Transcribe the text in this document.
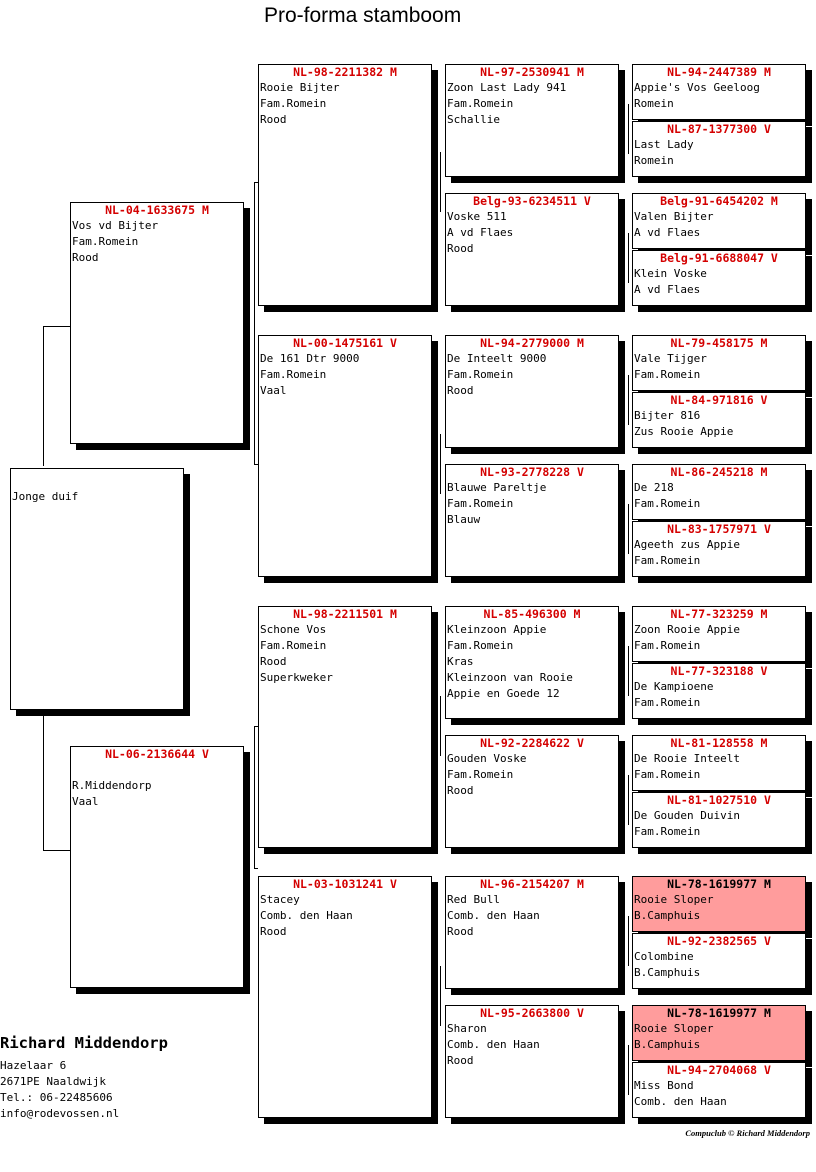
Pro-forma stamboom
Jonge duif
NL-04-1633675 M
Vos vd Bijter
Fam.Romein
Rood
NL-06-2136644 V
R.Middendorp
Vaal
NL-98-2211382 M
Rooie Bijter
Fam.Romein
Rood
NL-00-1475161 V
De 161 Dtr 9000
Fam.Romein
Vaal
NL-98-2211501 M
Schone Vos
Fam.Romein
Rood
Superkweker
NL-03-1031241 V
Stacey
Comb. den Haan
Rood
NL-97-2530941 M
Zoon Last Lady 941
Fam.Romein
Schallie
Belg-93-6234511 V
Voske 511
A vd Flaes
Rood
NL-94-2779000 M
De Inteelt 9000
Fam.Romein
Rood
NL-93-2778228 V
Blauwe Pareltje
Fam.Romein
Blauw
NL-85-496300 M
Kleinzoon Appie
Fam.Romein
Kras
Kleinzoon van Rooie
Appie en Goede 12
NL-92-2284622 V
Gouden Voske
Fam.Romein
Rood
NL-96-2154207 M
Red Bull
Comb. den Haan
Rood
NL-95-2663800 V
Sharon
Comb. den Haan
Rood
NL-94-2447389 M
Appie's Vos Geeloog
Romein
NL-87-1377300 V
Last Lady
Romein
Belg-91-6454202 M
Valen Bijter
A vd Flaes
Belg-91-6688047 V
Klein Voske
A vd Flaes
NL-79-458175 M
Vale Tijger
Fam.Romein
NL-84-971816 V
Bijter 816
Zus Rooie Appie
NL-86-245218 M
De 218
Fam.Romein
NL-83-1757971 V
Ageeth zus Appie
Fam.Romein
NL-77-323259 M
Zoon Rooie Appie
Fam.Romein
NL-77-323188 V
De Kampioene
Fam.Romein
NL-81-128558 M
De Rooie Inteelt
Fam.Romein
NL-81-1027510 V
De Gouden Duivin
Fam.Romein
NL-78-1619977 M
Rooie Sloper
B.Camphuis
NL-92-2382565 V
Colombine
B.Camphuis
NL-78-1619977 M
Rooie Sloper
B.Camphuis
NL-94-2704068 V
Miss Bond
Comb. den Haan
Richard Middendorp
Hazelaar 6
2671PE Naaldwijk
Tel.: 06-22485606
info@rodevossen.nl
Compuclub © Richard Middendorp
